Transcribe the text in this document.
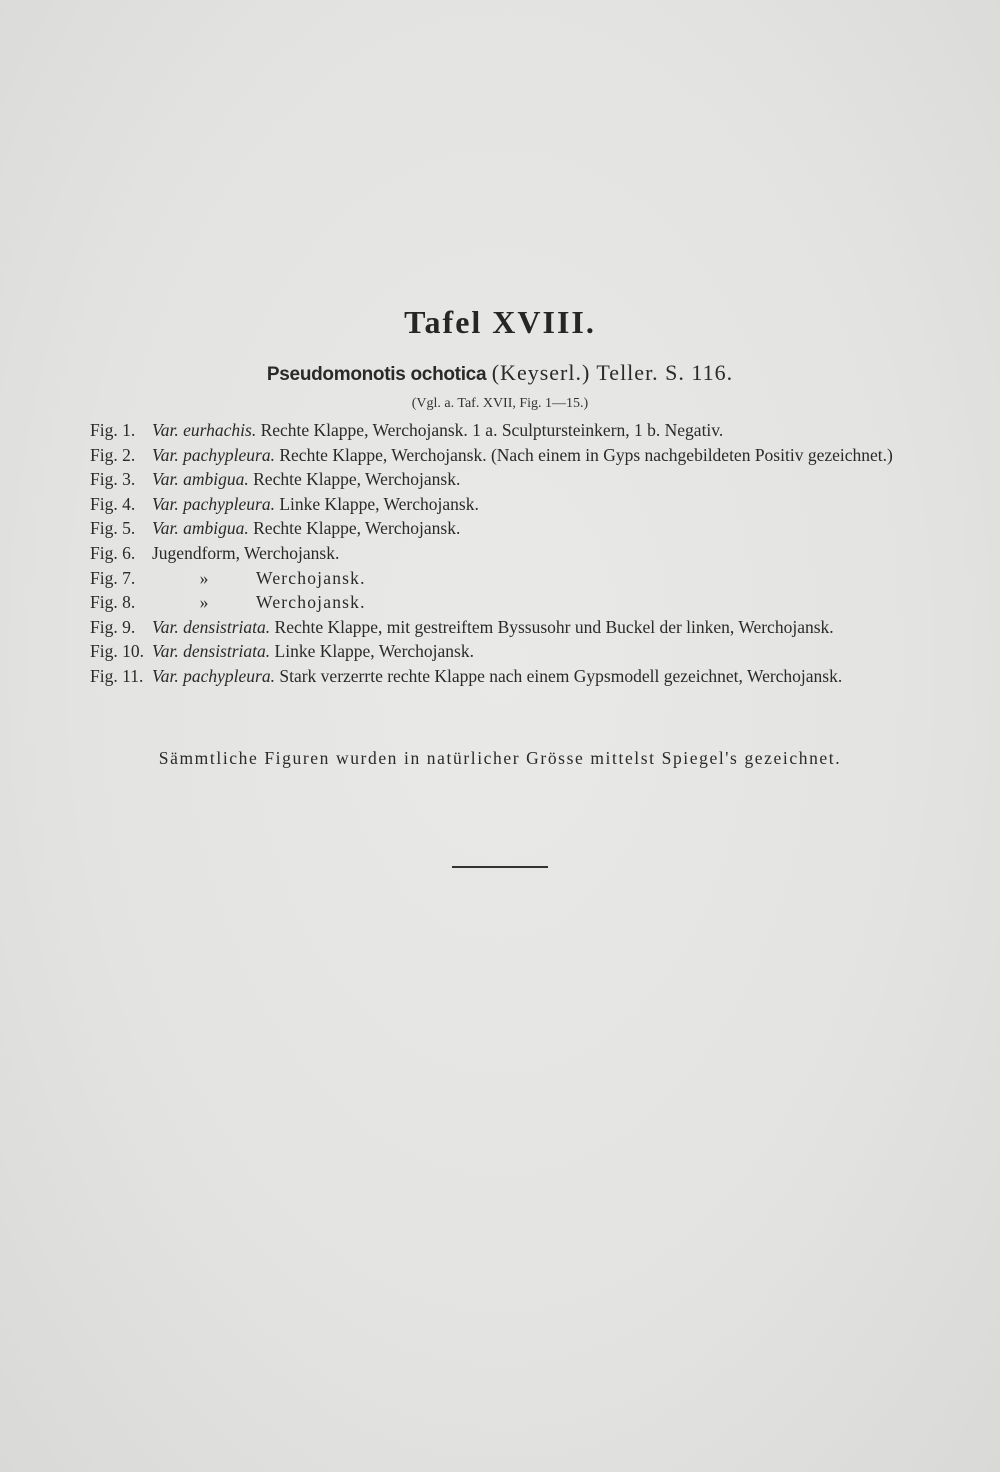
Tafel XVIII.
Pseudomonotis ochotica (Keyserl.) Teller. S. 116.
(Vgl. a. Taf. XVII, Fig. 1—15.)
Fig. 1. Var. eurhachis. Rechte Klappe, Werchojansk. 1 a. Sculptursteinkern, 1 b. Negativ.
Fig. 2. Var. pachypleura. Rechte Klappe, Werchojansk. (Nach einem in Gyps nachgebildeten Positiv gezeichnet.)
Fig. 3. Var. ambigua. Rechte Klappe, Werchojansk.
Fig. 4. Var. pachypleura. Linke Klappe, Werchojansk.
Fig. 5. Var. ambigua. Rechte Klappe, Werchojansk.
Fig. 6. Jugendform, Werchojansk.
Fig. 7.	»	Werchojansk.
Fig. 8.	»	Werchojansk.
Fig. 9. Var. densistriata. Rechte Klappe, mit gestreiftem Byssusohr und Buckel der linken, Werchojansk.
Fig. 10. Var. densistriata. Linke Klappe, Werchojansk.
Fig. 11. Var. pachypleura. Stark verzerrte rechte Klappe nach einem Gypsmodell gezeichnet, Werchojansk.
Sämmtliche Figuren wurden in natürlicher Grösse mittelst Spiegel's gezeichnet.
